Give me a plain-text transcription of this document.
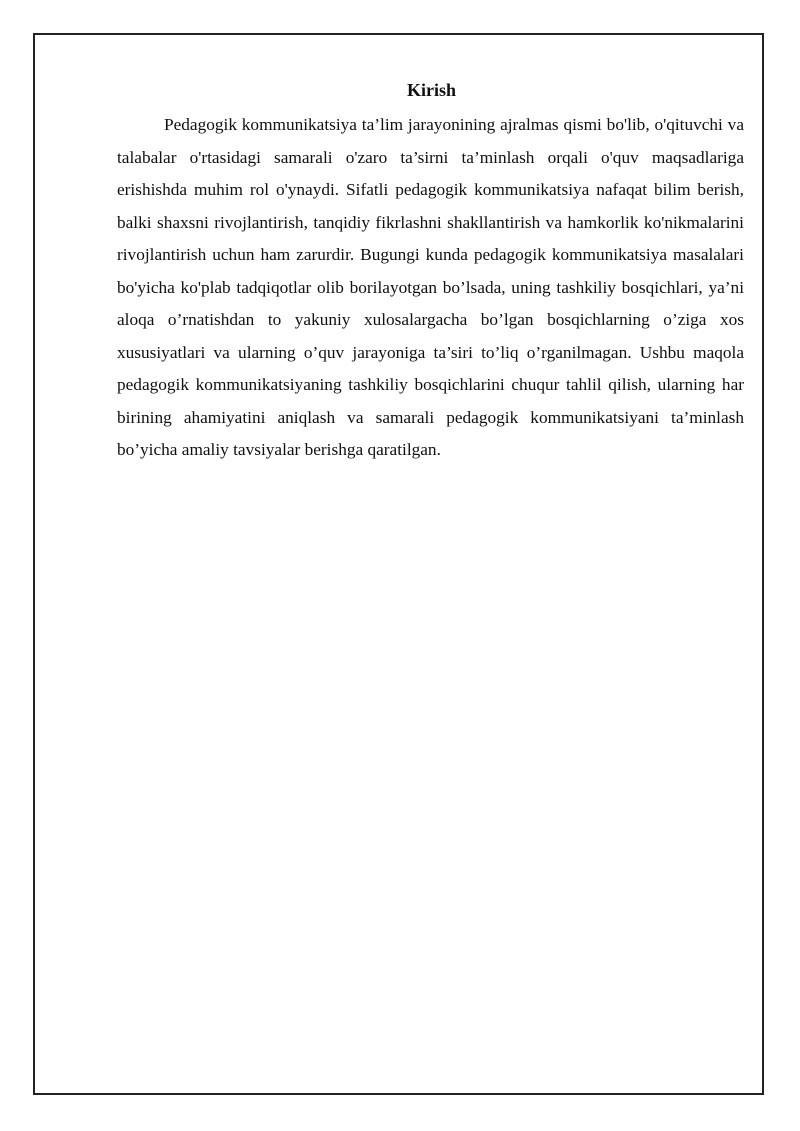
Kirish

Pedagogik kommunikatsiya ta’lim jarayonining ajralmas qismi bo'lib, o'qituvchi va talabalar o'rtasidagi samarali o'zaro ta’sirni ta’minlash orqali o'quv maqsadlariga erishishda muhim rol o'ynaydi. Sifatli pedagogik kommunikatsiya nafaqat bilim berish, balki shaxsni rivojlantirish, tanqidiy fikrlashni shakllantirish va hamkorlik ko'nikmalarini rivojlantirish uchun ham zarurdir. Bugungi kunda pedagogik kommunikatsiya masalalari bo'yicha ko'plab tadqiqotlar olib borilayotgan bo’lsada, uning tashkiliy bosqichlari, ya’ni aloqa o’rnatishdan to yakuniy xulosalargacha bo’lgan bosqichlarning o’ziga xos xususiyatlari va ularning o’quv jarayoniga ta’siri to’liq o’rganilmagan. Ushbu maqola pedagogik kommunikatsiyaning tashkiliy bosqichlarini chuqur tahlil qilish, ularning har birining ahamiyatini aniqlash va samarali pedagogik kommunikatsiyani ta’minlash bo’yicha amaliy tavsiyalar berishga qaratilgan.
